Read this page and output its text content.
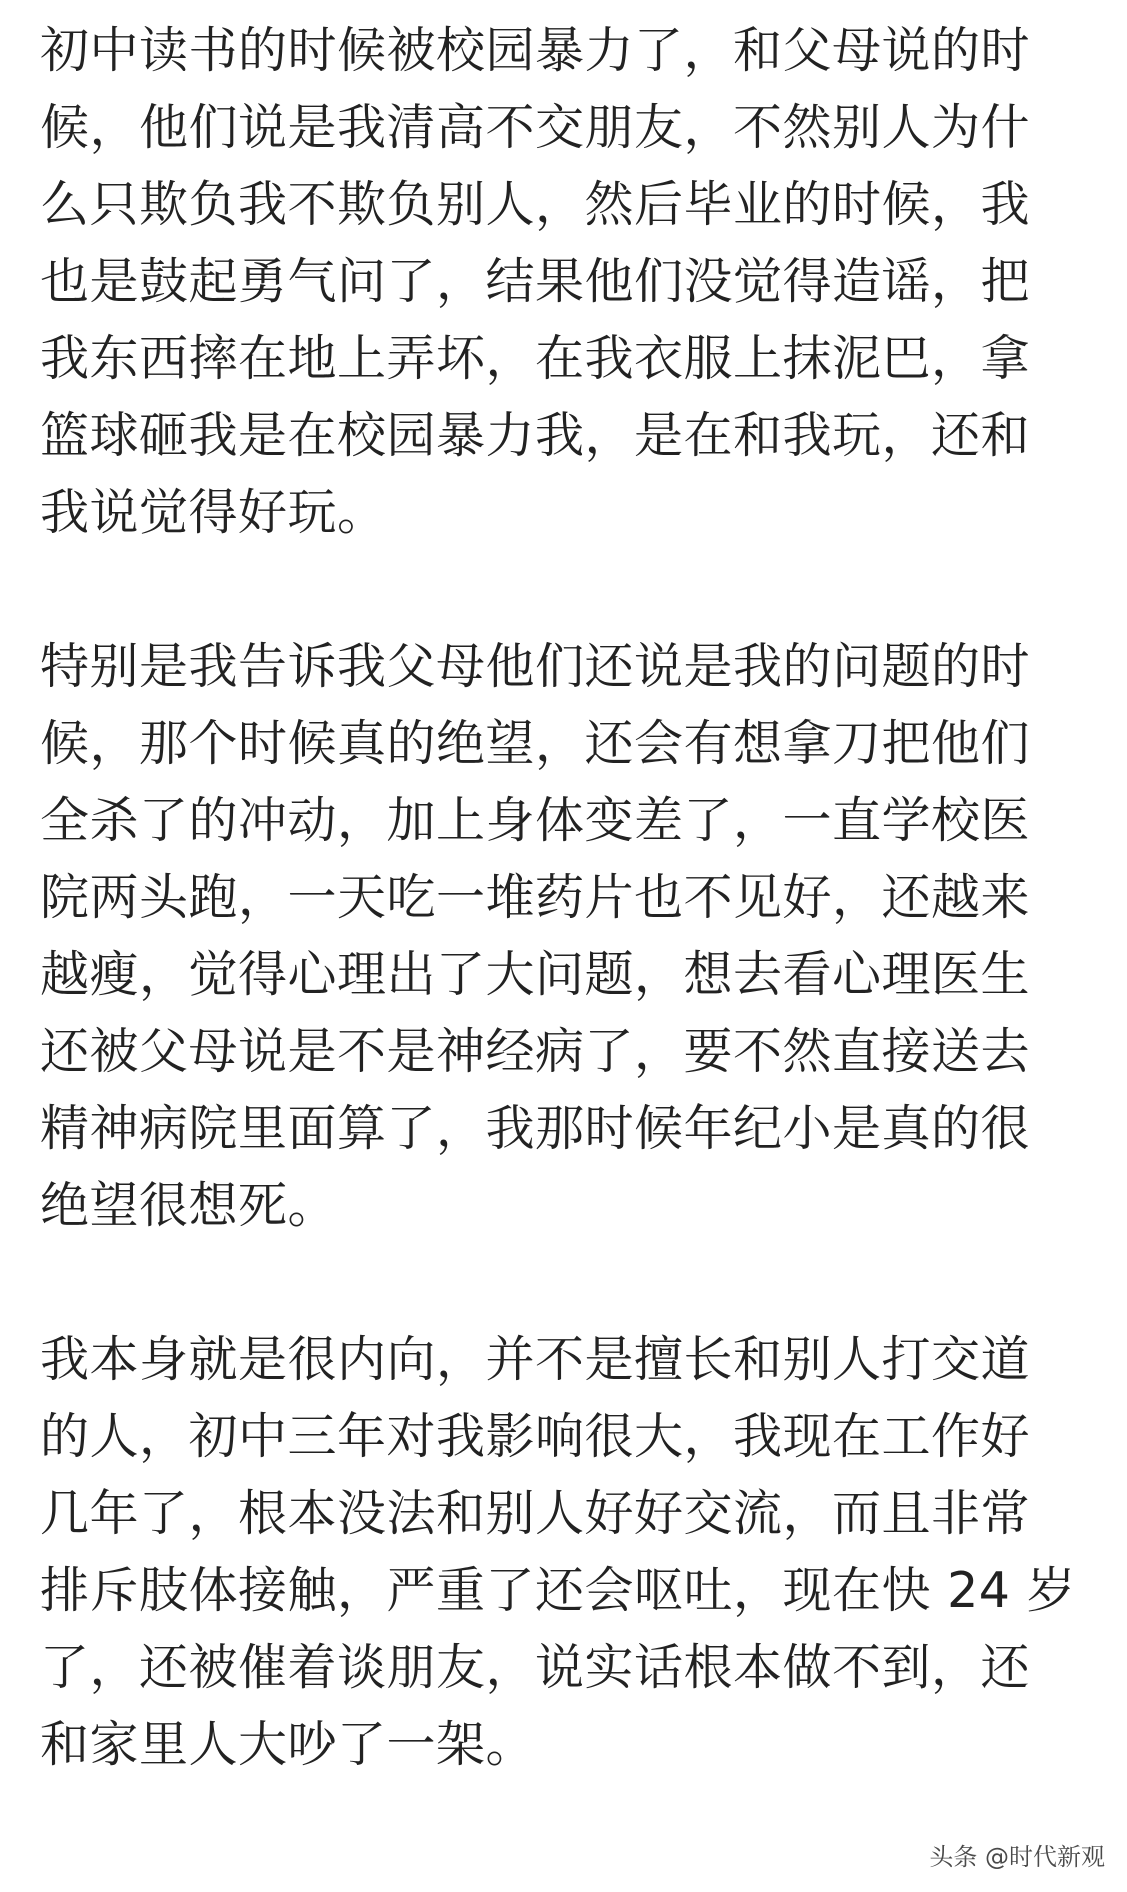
初中读书的时候被校园暴力了，和父母说的时
候，他们说是我清高不交朋友，不然别人为什
么只欺负我不欺负别人，然后毕业的时候，我
也是鼓起勇气问了，结果他们没觉得造谣，把
我东西摔在地上弄坏，在我衣服上抹泥巴，拿
篮球砸我是在校园暴力我，是在和我玩，还和
我说觉得好玩。
特别是我告诉我父母他们还说是我的问题的时
候，那个时候真的绝望，还会有想拿刀把他们
全杀了的冲动，加上身体变差了，一直学校医
院两头跑，一天吃一堆药片也不见好，还越来
越瘦，觉得心理出了大问题，想去看心理医生
还被父母说是不是神经病了，要不然直接送去
精神病院里面算了，我那时候年纪小是真的很
绝望很想死。
我本身就是很内向，并不是擅长和别人打交道
的人，初中三年对我影响很大，我现在工作好
几年了，根本没法和别人好好交流，而且非常
排斥肢体接触，严重了还会呕吐，现在快 24 岁
了，还被催着谈朋友，说实话根本做不到，还
和家里人大吵了一架。
头条 @时代新观
